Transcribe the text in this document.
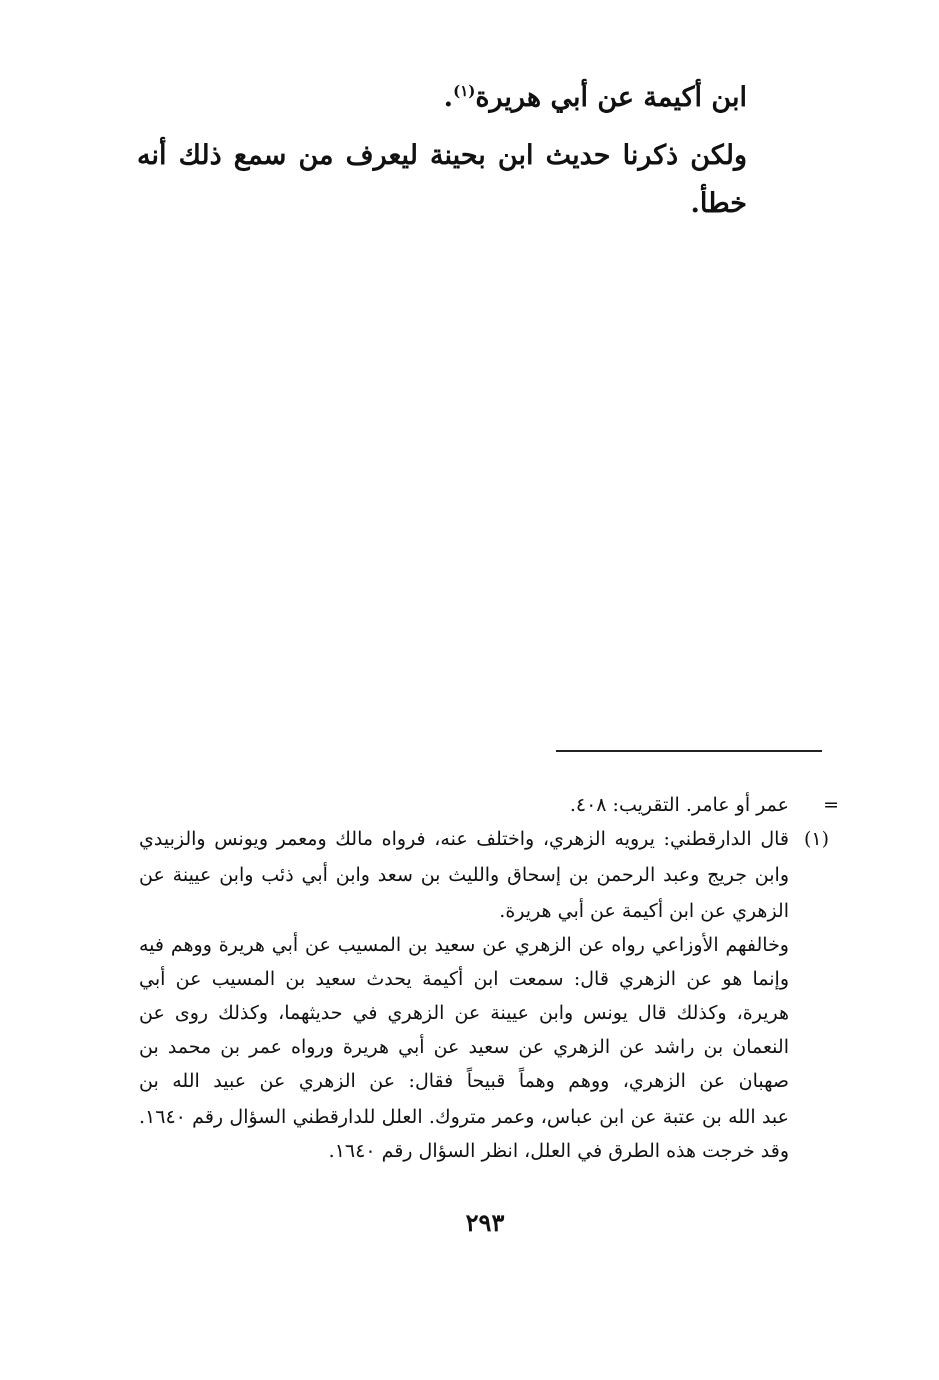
ابن أكيمة عن أبي هريرة$^{(١)}$.
ولكن ذكرنا حديث ابن بحينة ليعرف من سمع ذلك أنه
خطأ.
=
عمر أو عامر. التقريب: ٤٠٨.
(١)
قال الدارقطني: يرويه الزهري، واختلف عنه، فرواه مالك ومعمر ويونس والزبيدي
وابن جريج وعبد الرحمن بن إسحاق والليث بن سعد وابن أبي ذئب وابن عيينة عن
الزهري عن ابن أكيمة عن أبي هريرة.
وخالفهم الأوزاعي رواه عن الزهري عن سعيد بن المسيب عن أبي هريرة ووهم فيه
وإنما هو عن الزهري قال: سمعت ابن أكيمة يحدث سعيد بن المسيب عن أبي
هريرة، وكذلك قال يونس وابن عيينة عن الزهري في حديثهما، وكذلك روى عن
النعمان بن راشد عن الزهري عن سعيد عن أبي هريرة ورواه عمر بن محمد بن
صهبان عن الزهري، ووهم وهماً قبيحاً فقال: عن الزهري عن عبيد الله بن
عبد الله بن عتبة عن ابن عباس، وعمر متروك. العلل للدارقطني السؤال رقم ١٦٤٠.
وقد خرجت هذه الطرق في العلل، انظر السؤال رقم ١٦٤٠.
٢٩٣
